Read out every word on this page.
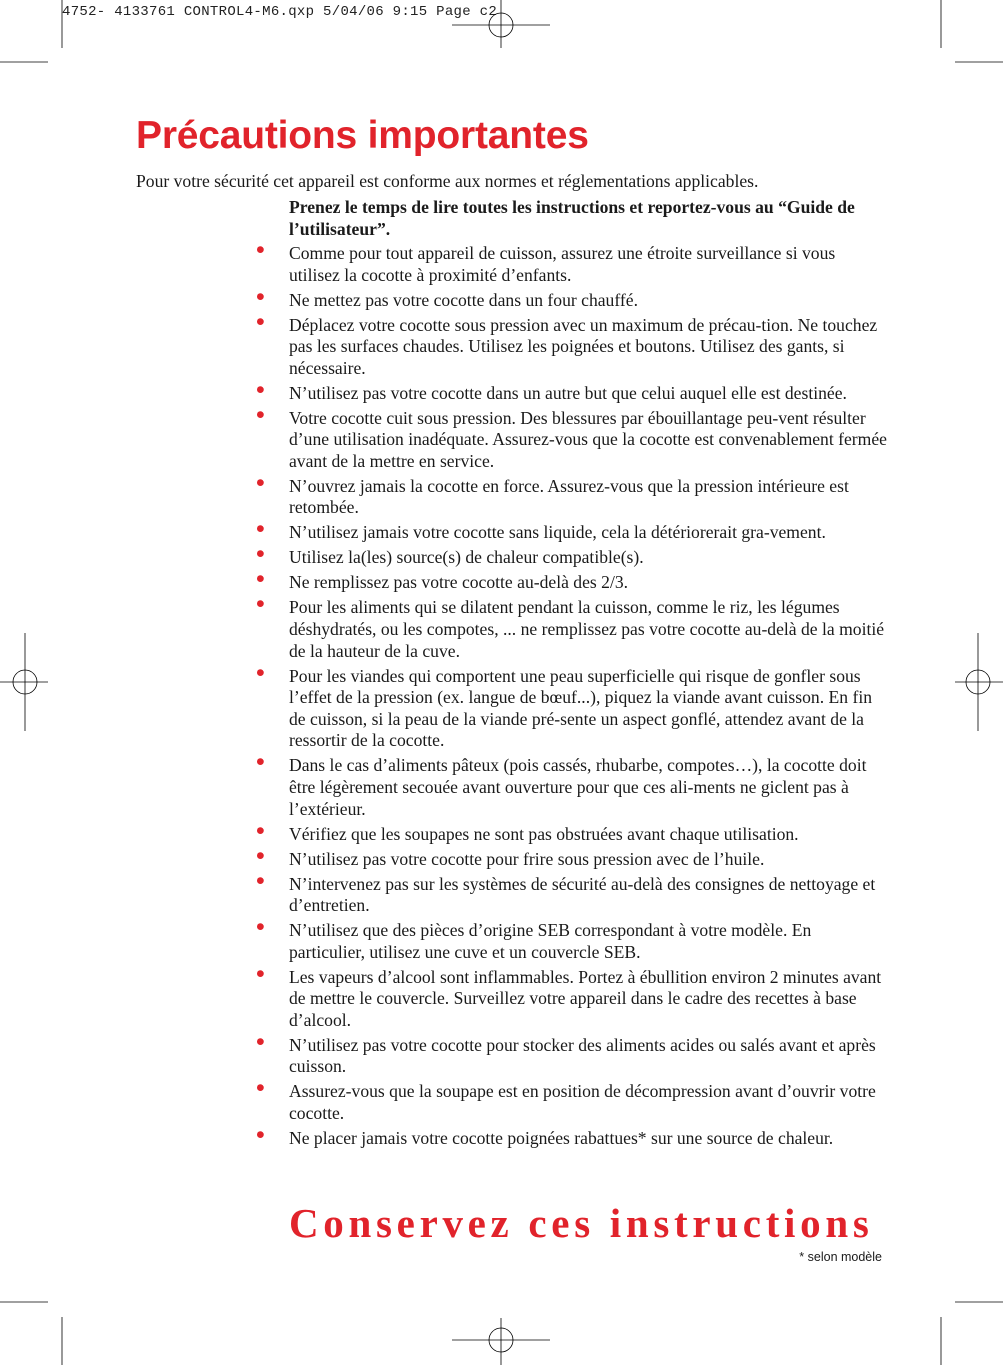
4752- 4133761 CONTROL4-M6.qxp 5/04/06 9:15 Page c2
Précautions importantes

Pour votre sécurité cet appareil est conforme aux normes et réglementations applicables.

Prenez le temps de lire toutes les instructions et reportez-vous au “Guide de l’utilisateur”.

• Comme pour tout appareil de cuisson, assurez une étroite surveillance si vous utilisez la cocotte à proximité d’enfants.
• Ne mettez pas votre cocotte dans un four chauffé.
• Déplacez votre cocotte sous pression avec un maximum de précau-tion. Ne touchez pas les surfaces chaudes. Utilisez les poignées et boutons. Utilisez des gants, si nécessaire.
• N’utilisez pas votre cocotte dans un autre but que celui auquel elle est destinée.
• Votre cocotte cuit sous pression. Des blessures par ébouillantage peu-vent résulter d’une utilisation inadéquate. Assurez-vous que la cocotte est convenablement fermée avant de la mettre en service.
• N’ouvrez jamais la cocotte en force. Assurez-vous que la pression intérieure est retombée.
• N’utilisez jamais votre cocotte sans liquide, cela la détériorerait gra-vement.
• Utilisez la(les) source(s) de chaleur compatible(s).
• Ne remplissez pas votre cocotte au-delà des 2/3.
• Pour les aliments qui se dilatent pendant la cuisson, comme le riz, les légumes déshydratés, ou les compotes, ... ne remplissez pas votre cocotte au-delà de la moitié de la hauteur de la cuve.
• Pour les viandes qui comportent une peau superficielle qui risque de gonfler sous l’effet de la pression (ex. langue de bœuf...), piquez la viande avant cuisson. En fin de cuisson, si la peau de la viande pré-sente un aspect gonflé, attendez avant de la ressortir de la cocotte.
• Dans le cas d’aliments pâteux (pois cassés, rhubarbe, compotes…), la cocotte doit être légèrement secouée avant ouverture pour que ces ali-ments ne giclent pas à l’extérieur.
• Vérifiez que les soupapes ne sont pas obstruées avant chaque utilisation.
• N’utilisez pas votre cocotte pour frire sous pression avec de l’huile.
• N’intervenez pas sur les systèmes de sécurité au-delà des consignes de nettoyage et d’entretien.
• N’utilisez que des pièces d’origine SEB correspondant à votre modèle. En particulier, utilisez une cuve et un couvercle SEB.
• Les vapeurs d’alcool sont inflammables. Portez à ébullition environ 2 minutes avant de mettre le couvercle. Surveillez votre appareil dans le cadre des recettes à base d’alcool.
• N’utilisez pas votre cocotte pour stocker des aliments acides ou salés avant et après cuisson.
• Assurez-vous que la soupape est en position de décompression avant d’ouvrir votre cocotte.
• Ne placer jamais votre cocotte poignées rabattues* sur une source de chaleur.
Conservez ces instructions

* selon modèle
